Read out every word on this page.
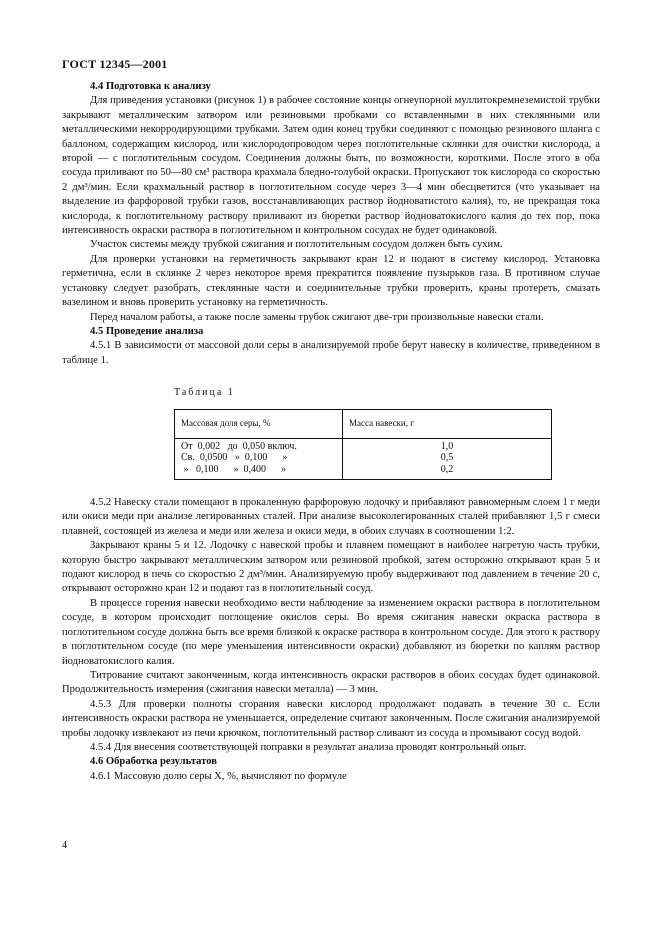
ГОСТ 12345—2001

4.4 Подготовка к анализу

Для приведения установки (рисунок 1) в рабочее состояние концы огнеупорной муллитокремнеземистой трубки закрывают металлическим затвором или резиновыми пробками со вставленными в них стеклянными или металлическими некорродирующими трубками. Затем один конец трубки соединяют с помощью резинового шланга с баллоном, содержащим кислород, или кислородопроводом через поглотительные склянки для очистки кислорода, а второй — с поглотительным сосудом. Соединения должны быть, по возможности, короткими. После этого в оба сосуда приливают по 50—80 см³ раствора крахмала бледно-голубой окраски. Пропускают ток кислорода со скоростью 2 дм³/мин. Если крахмальный раствор в поглотительном сосуде через 3—4 мин обесцветится (что указывает на выделение из фарфоровой трубки газов, восстанавливающих раствор йодноватистого калия), то, не прекращая тока кислорода, к поглотительному раствору приливают из бюретки раствор йодноватокислого калия до тех пор, пока интенсивность окраски раствора в поглотительном и контрольном сосудах не будет одинаковой.

Участок системы между трубкой сжигания и поглотительным сосудом должен быть сухим.

Для проверки установки на герметичность закрывают кран 12 и подают в систему кислород. Установка герметична, если в склянке 2 через некоторое время прекратится появление пузырьков газа. В противном случае установку следует разобрать, стеклянные части и соединительные трубки проверить, краны протереть, смазать вазелином и вновь проверить установку на герметичность.

Перед началом работы, а также после замены трубок сжигают две-три произвольные навески стали.

4.5 Проведение анализа

4.5.1 В зависимости от массовой доли серы в анализируемой пробе берут навеску в количестве, приведенном в таблице 1.

Таблица 1
Массовая доля серы, %	Масса навески, г
От  0,002   до  0,050 включ.	1,0
Св.  0,0500   »  0,100      »	0,5
»   0,100      »  0,400      »	0,2

4.5.2 Навеску стали помещают в прокаленную фарфоровую лодочку и прибавляют равномерным слоем 1 г меди или окиси меди при анализе легированных сталей. При анализе высоколегированных сталей прибавляют 1,5 г смеси плавней, состоящей из железа и меди или железа и окиси меди, в обоих случаях в соотношении 1:2.

Закрывают краны 5 и 12. Лодочку с навеской пробы и плавнем помещают в наиболее нагретую часть трубки, которую быстро закрывают металлическим затвором или резиновой пробкой, затем осторожно открывают кран 5 и подают кислород в печь со скоростью 2 дм³/мин. Анализируемую пробу выдерживают под давлением в течение 20 с, открывают осторожно кран 12 и подают газ в поглотительный сосуд.

В процессе горения навески необходимо вести наблюдение за изменением окраски раствора в поглотительном сосуде, в котором происходит поглощение окислов серы. Во время сжигания навески окраска раствора в поглотительном сосуде должна быть все время близкой к окраске раствора в контрольном сосуде. Для этого к раствору в поглотительном сосуде (по мере уменьшения интенсивности окраски) добавляют из бюретки по каплям раствор йодноватокислого калия.

Титрование считают законченным, когда интенсивность окраски растворов в обоих сосудах будет одинаковой. Продолжительность измерения (сжигания навески металла) — 3 мин.

4.5.3 Для проверки полноты сгорания навески кислород продолжают подавать в течение 30 с. Если интенсивность окраски раствора не уменьшается, определение считают законченным. После сжигания анализируемой пробы лодочку извлекают из печи крючком, поглотительный раствор сливают из сосуда и промывают сосуд водой.

4.5.4 Для внесения соответствующей поправки в результат анализа проводят контрольный опыт.

4.6 Обработка результатов

4.6.1 Массовую долю серы X, %, вычисляют по формуле

4
